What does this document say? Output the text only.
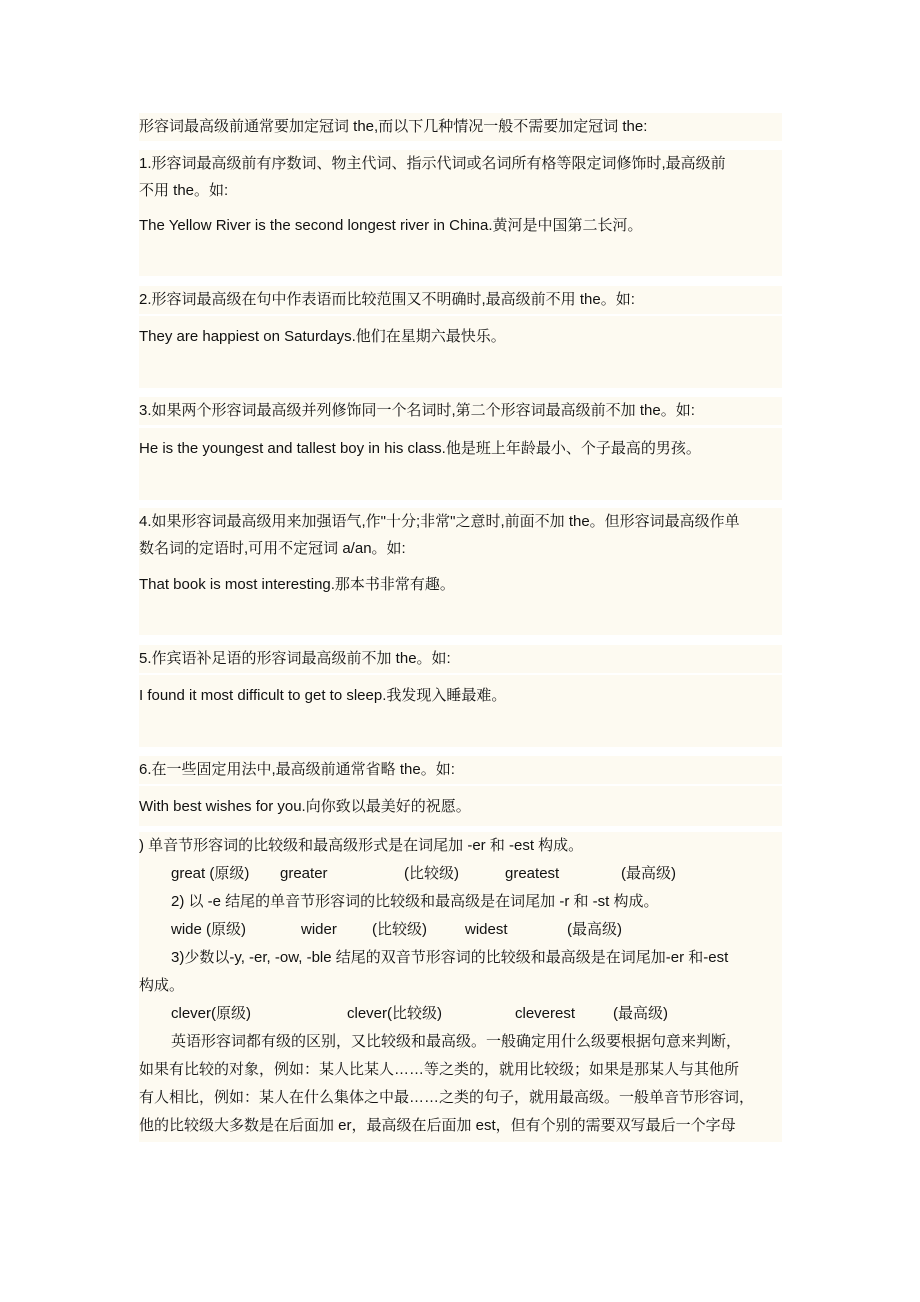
形容词最高级前通常要加定冠词 the,而以下几种情况一般不需要加定冠词 the:
1.形容词最高级前有序数词、物主代词、指示代词或名词所有格等限定词修饰时,最高级前
不用 the。如:
The Yellow River is the second longest river in China.黄河是中国第二长河。
2.形容词最高级在句中作表语而比较范围又不明确时,最高级前不用 the。如:
They are happiest on Saturdays.他们在星期六最快乐。
3.如果两个形容词最高级并列修饰同一个名词时,第二个形容词最高级前不加 the。如:
He is the youngest and tallest boy in his class.他是班上年龄最小、个子最高的男孩。
4.如果形容词最高级用来加强语气,作"十分;非常"之意时,前面不加 the。但形容词最高级作单
数名词的定语时,可用不定冠词 a/an。如:
That book is most interesting.那本书非常有趣。
5.作宾语补足语的形容词最高级前不加 the。如:
I found it most difficult to get to sleep.我发现入睡最难。
6.在一些固定用法中,最高级前通常省略 the。如:
With best wishes for you.向你致以最美好的祝愿。
) 单音节形容词的比较级和最高级形式是在词尾加 -er 和 -est 构成。
great (原级) greater	(比较级)	greatest	(最高级)
2) 以 -e 结尾的单音节形容词的比较级和最高级是在词尾加 -r 和 -st 构成。
wide (原级)	wider (比较级)	widest	(最高级)
3)少数以-y, -er, -ow, -ble 结尾的双音节形容词的比较级和最高级是在词尾加-er 和-est
构成。
clever(原级)	clever(比较级)	cleverest	(最高级)
英语形容词都有级的区别，又比较级和最高级。一般确定用什么级要根据句意来判断，
如果有比较的对象，例如：某人比某人……等之类的，就用比较级；如果是那某人与其他所
有人相比，例如：某人在什么集体之中最……之类的句子，就用最高级。一般单音节形容词，
他的比较级大多数是在后面加 er，最高级在后面加 est，但有个别的需要双写最后一个字母
